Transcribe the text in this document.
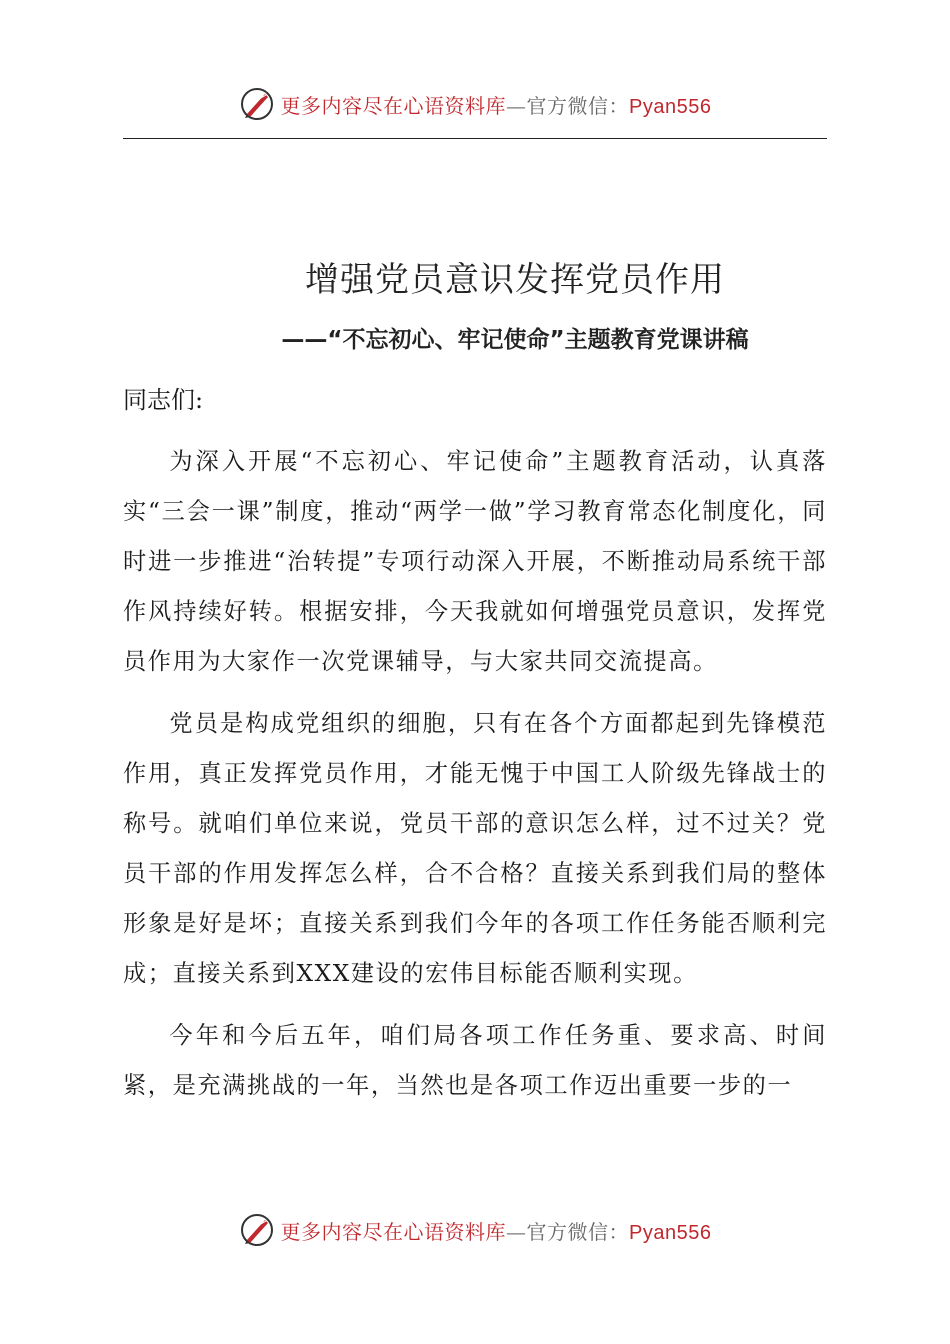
更多内容尽在心语资料库—官方微信：Pyan556
增强党员意识发挥党员作用
——“不忘初心、牢记使命”主题教育党课讲稿
同志们:

为深入开展“不忘初心、牢记使命”主题教育活动，认真落实“三会一课”制度，推动“两学一做”学习教育常态化制度化，同时进一步推进“治转提”专项行动深入开展，不断推动局系统干部作风持续好转。根据安排，今天我就如何增强党员意识，发挥党员作用为大家作一次党课辅导，与大家共同交流提高。

党员是构成党组织的细胞，只有在各个方面都起到先锋模范作用，真正发挥党员作用，才能无愧于中国工人阶级先锋战士的称号。就咱们单位来说，党员干部的意识怎么样，过不过关？党员干部的作用发挥怎么样，合不合格？直接关系到我们局的整体形象是好是坏；直接关系到我们今年的各项工作任务能否顺利完成；直接关系到XXX建设的宏伟目标能否顺利实现。

今年和今后五年，咱们局各项工作任务重、要求高、时间紧，是充满挑战的一年，当然也是各项工作迈出重要一步的一

更多内容尽在心语资料库—官方微信：Pyan556
